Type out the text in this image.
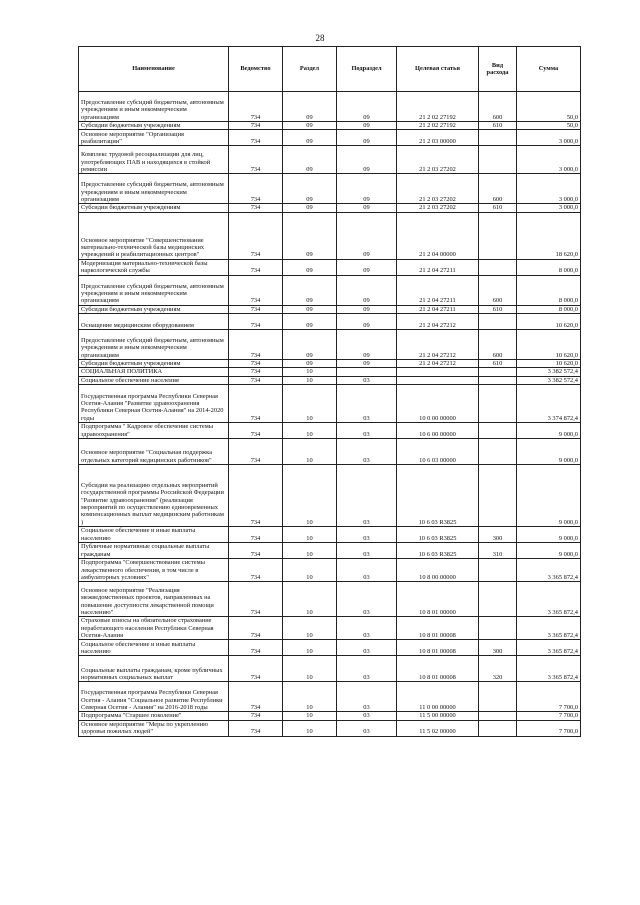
28
Наименование	Ведомство	Раздел	Подраздел	Целевая статья	Вид расхода	Сумма
Предоставление субсидий бюджетным, автономным учреждениям и иным некоммерческим организациям	734	09	09	21 2 02 27192	600	50,0
Субсидии бюджетным учреждениям	734	09	09	21 2 02 27192	610	50,0
Основное мероприятие "Организация реабилитации"	734	09	09	21 2 03 00000		3 000,0
Комплекс трудовой ресоциализации для лиц, употребляющих ПАВ и находящихся в стойкой ремиссии	734	09	09	21 2 03 27202		3 000,0
Предоставление субсидий бюджетным, автономным учреждениям и иным некоммерческим организациям	734	09	09	21 2 03 27202	600	3 000,0
Субсидии бюджетным учреждениям	734	09	09	21 2 03 27202	610	3 000,0
Основное мероприятие "Совершенствование материально-технической базы медицинских учреждений и реабилитационных центров"	734	09	09	21 2 04 00000		18 620,0
Модернизация материально-технической базы наркологической службы	734	09	09	21 2 04 27211		8 000,0
Предоставление субсидий бюджетным, автономным учреждениям и иным некоммерческим организациям	734	09	09	21 2 04 27211	600	8 000,0
Субсидии бюджетным учреждениям	734	09	09	21 2 04 27211	610	8 000,0
Оснащение медицинским оборудованием	734	09	09	21 2 04 27212		10 620,0
Предоставление субсидий бюджетным, автономным учреждениям и иным некоммерческим организациям	734	09	09	21 2 04 27212	600	10 620,0
Субсидии бюджетным учреждениям	734	09	09	21 2 04 27212	610	10 620,0
СОЦИАЛЬНАЯ ПОЛИТИКА	734	10				3 382 572,4
Социальное обеспечение населения	734	10	03			3 382 572,4
Государственная программа Республики Северная Осетия-Алания "Развитие здравоохранения Республики Северная Осетия-Алания" на 2014-2020 годы	734	10	03	10 0 00 00000		3 374 872,4
Подпрограмма " Кадровое обеспечение системы здравоохранения"	734	10	03	10 6 00 00000		9 000,0
Основное мероприятие "Социальная поддержка отдельных категорий медицинских работников"	734	10	03	10 6 03 00000		9 000,0
Субсидии на реализацию отдельных мероприятий государственной программы Российской Федерации "Развитие здравоохранения" (реализация мероприятий по осуществлению единовременных компенсационных выплат медицинским работникам )	734	10	03	10 6 03 R3825		9 000,0
Социальное обеспечение и иные выплаты населению	734	10	03	10 6 03 R3825	300	9 000,0
Публичные нормативные социальные выплаты гражданам	734	10	03	10 6 03 R3825	310	9 000,0
Подпрограмма "Совершенствование системы лекарственного обеспечения, в том числе в амбулаторных условиях"	734	10	03	10 8 00 00000		3 365 872,4
Основное мероприятие "Реализация межведомственных проектов, направленных на повышение доступности лекарственной помощи населению"	734	10	03	10 8 01 00000		3 365 872,4
Страховые взносы на обязательное страхование неработающего населения Республики Северная Осетия-Алания	734	10	03	10 8 01 00008		3 365 872,4
Социальное обеспечение и иные выплаты населению	734	10	03	10 8 01 00008	300	3 365 872,4
Социальные выплаты гражданам, кроме публичных нормативных социальных выплат	734	10	03	10 8 01 00008	320	3 365 872,4
Государственная программа Республики Северная Осетия - Алания "Социальное развитие Республики Северная Осетия - Алания" на 2016-2018 годы	734	10	03	11 0 00 00000		7 700,0
Подпрограмма "Старшее поколение"	734	10	03	11 5 00 00000		7 700,0
Основное мероприятие "Меры по укреплению здоровья пожилых людей"	734	10	03	11 5 02 00000		7 700,0
